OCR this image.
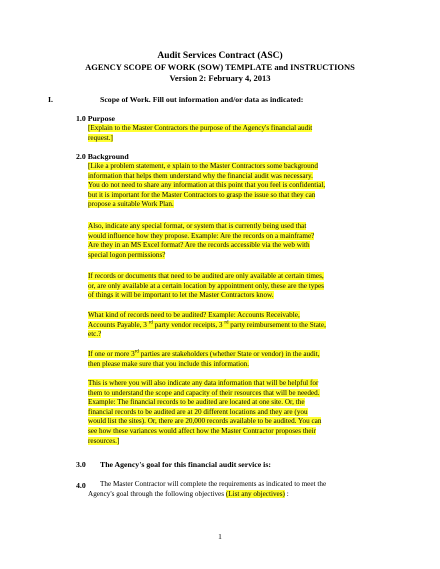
Audit Services Contract (ASC)
AGENCY SCOPE OF WORK (SOW) TEMPLATE and INSTRUCTIONS
Version 2: February 4, 2013
I.	Scope of Work. Fill out information and/or data as indicated:
1.0 Purpose
[Explain to the Master Contractors the purpose of the Agency's financial audit
request.]
2.0 Background
[Like a problem statement, e xplain to the Master Contractors some background
information that helps them understand why the financial audit was necessary.
You do not need to share any information at this point that you feel is confidential,
but it is important for the Master Contractors to grasp the issue so that they can
propose a suitable Work Plan.
Also, indicate any special format, or system that is currently being used that
would influence how they propose. Example: Are the records on a mainframe?
Are they in an MS Excel format? Are the records accessible via the web with
special logon permissions?
If records or documents that need to be audited are only available at certain times,
or, are only available at a certain location by appointment only, these are the types
of things it will be important to let the Master Contractors know.
What kind of records need to be audited? Example: Accounts Receivable,
Accounts Payable, 3 $^{rd}$ party vendor receipts, 3 $^{rd}$ party reimbursement to the State,
etc.?
If one or more 3rd parties are stakeholders (whether State or vendor) in the audit,
then please make sure that you include this information.
This is where you will also indicate any data information that will be helpful for
them to understand the scope and capacity of their resources that will be needed.
Example: The financial records to be audited are located at one site. Or, the
financial records to be audited are at 20 different locations and they are (you
would list the sites). Or, there are 20,000 records available to be audited. You can
see how these variances would affect how the Master Contractor proposes their
resources.]
3.0 The Agency's goal for this financial audit service is:
4.0 The Master Contractor will complete the requirements as indicated to meet the
Agency's goal through the following objectives (List any objectives) :
1
